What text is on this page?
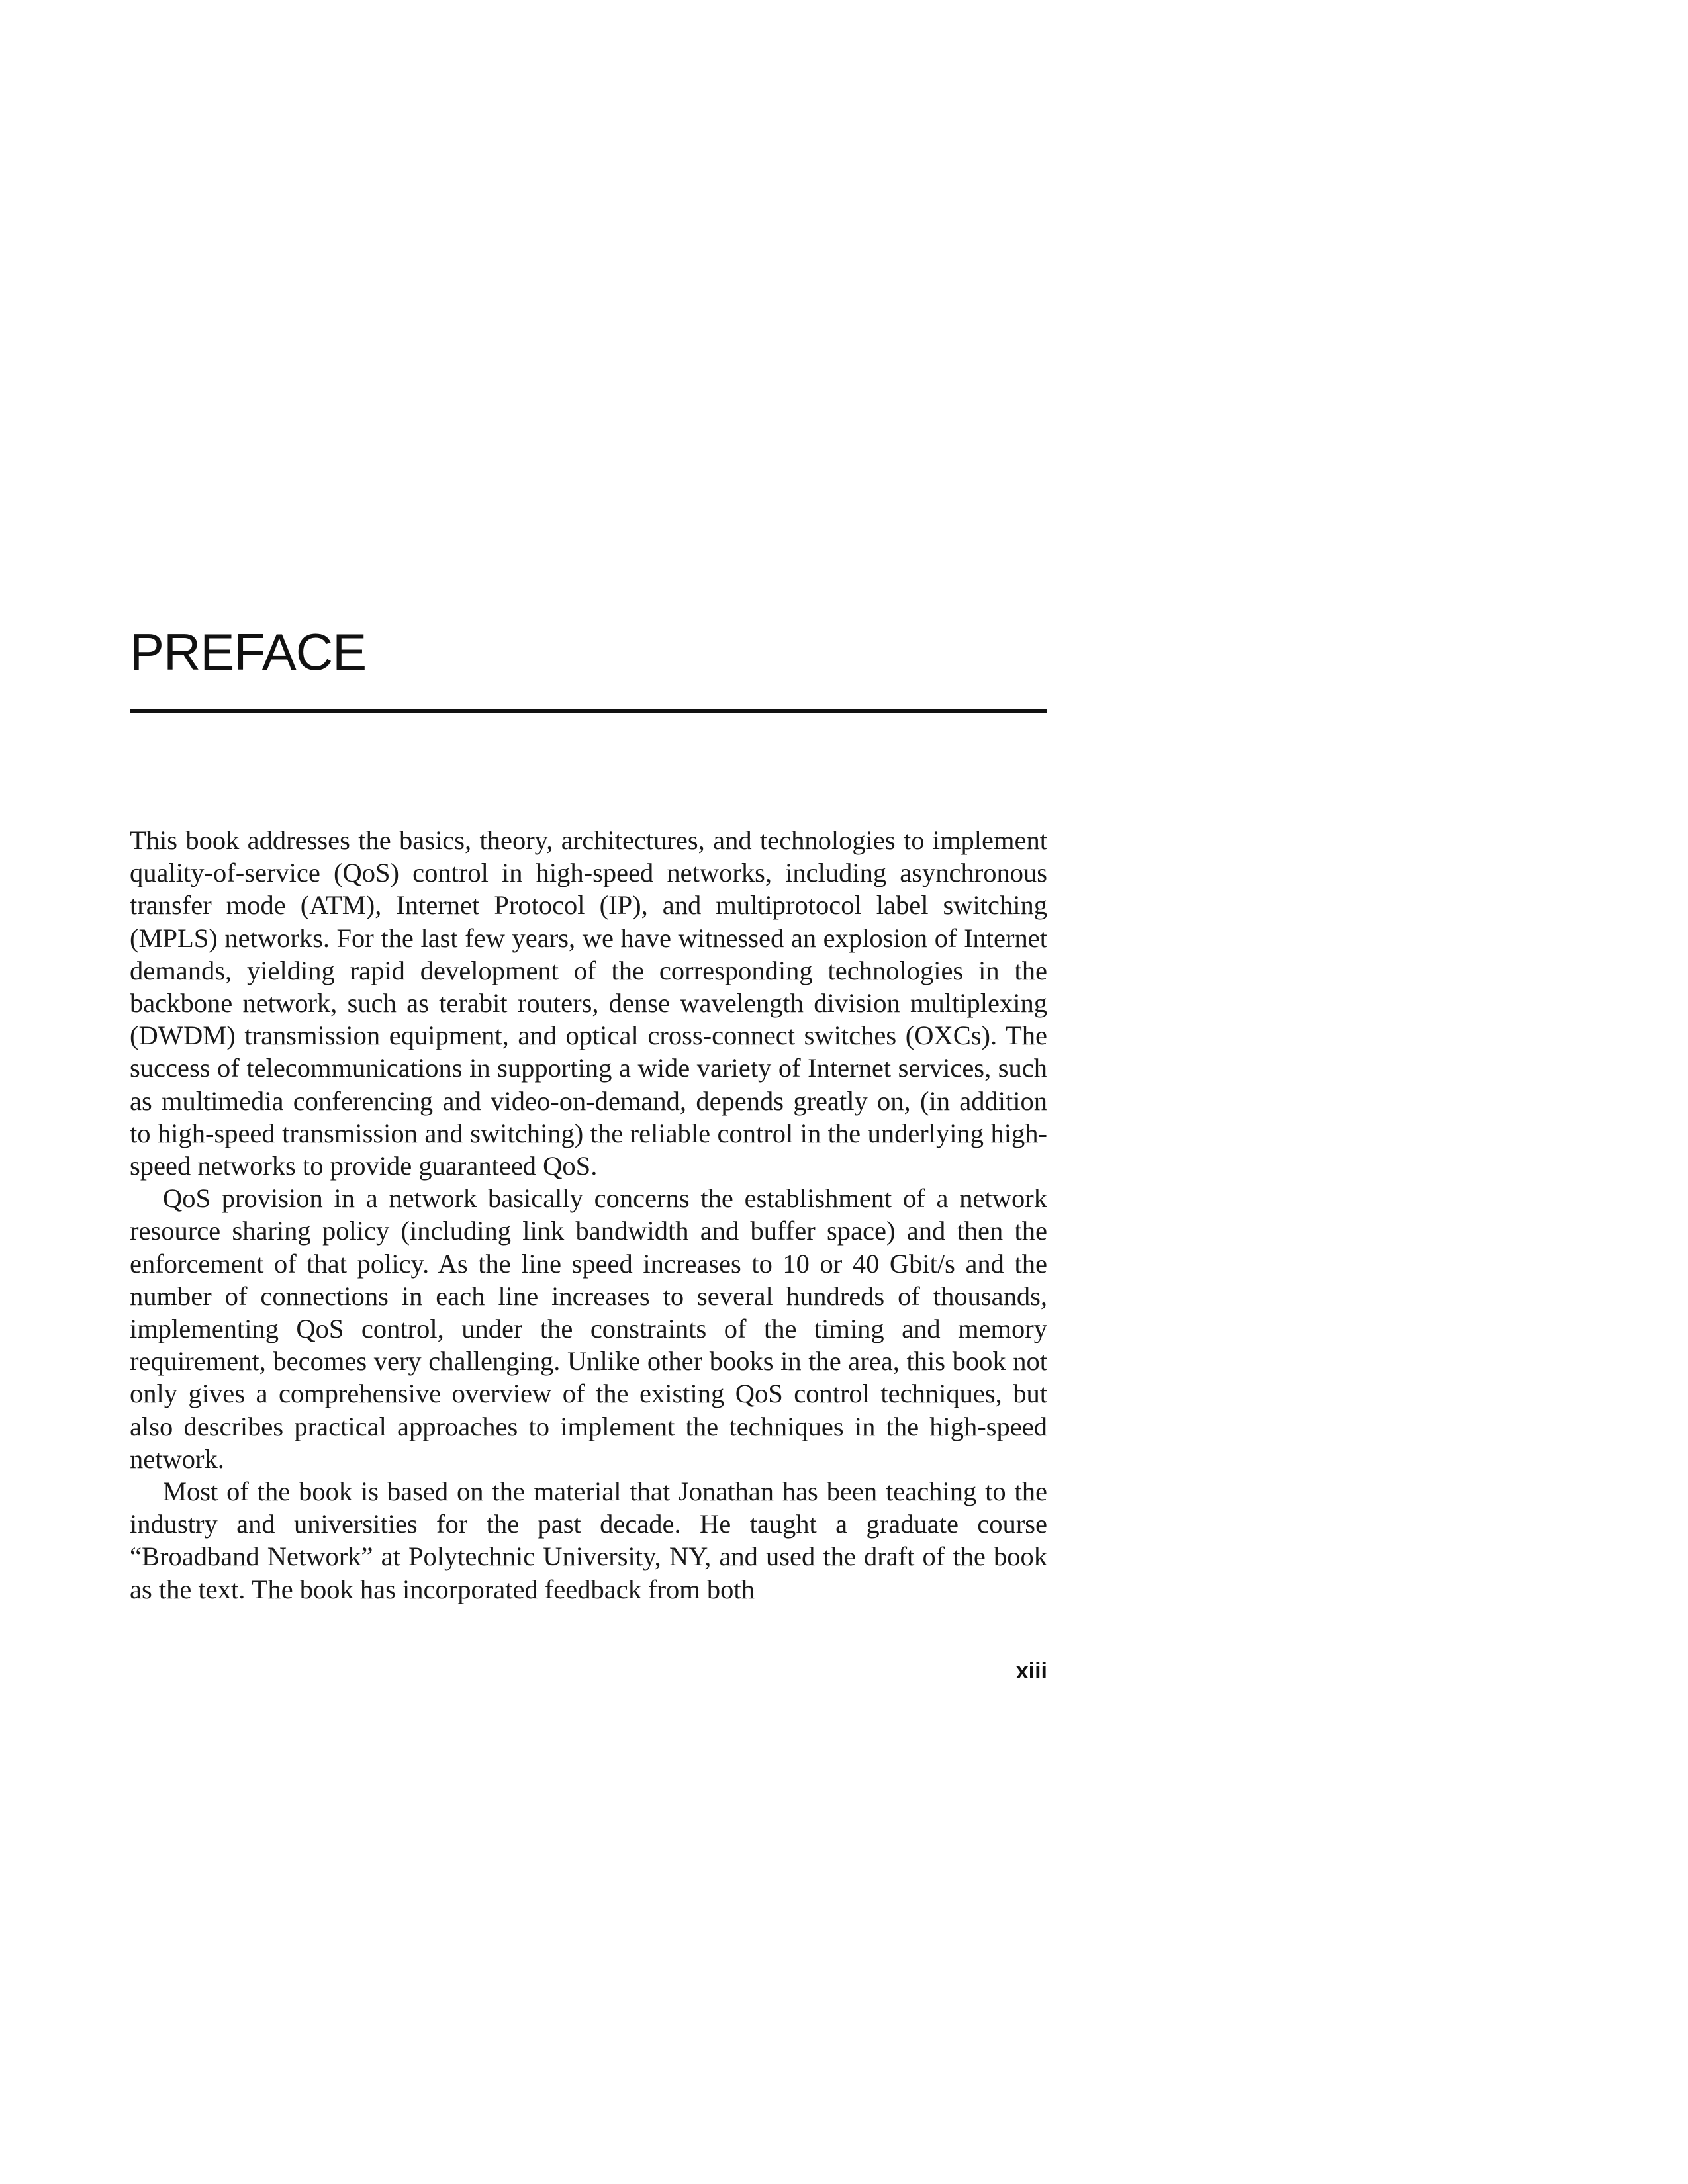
PREFACE

This book addresses the basics, theory, architectures, and technologies to implement quality-of-service (QoS) control in high-speed networks, including asynchronous transfer mode (ATM), Internet Protocol (IP), and multiprotocol label switching (MPLS) networks. For the last few years, we have witnessed an explosion of Internet demands, yielding rapid development of the corresponding technologies in the backbone network, such as terabit routers, dense wavelength division multiplexing (DWDM) transmission equipment, and optical cross-connect switches (OXCs). The success of telecommunications in supporting a wide variety of Internet services, such as multimedia conferencing and video-on-demand, depends greatly on, (in addition to high-speed transmission and switching) the reliable control in the underlying high-speed networks to provide guaranteed QoS.

QoS provision in a network basically concerns the establishment of a network resource sharing policy (including link bandwidth and buffer space) and then the enforcement of that policy. As the line speed increases to 10 or 40 Gbit/s and the number of connections in each line increases to several hundreds of thousands, implementing QoS control, under the constraints of the timing and memory requirement, becomes very challenging. Unlike other books in the area, this book not only gives a comprehensive overview of the existing QoS control techniques, but also describes practical approaches to implement the techniques in the high-speed network.

Most of the book is based on the material that Jonathan has been teaching to the industry and universities for the past decade. He taught a graduate course “Broadband Network” at Polytechnic University, NY, and used the draft of the book as the text. The book has incorporated feedback from both

xiii
